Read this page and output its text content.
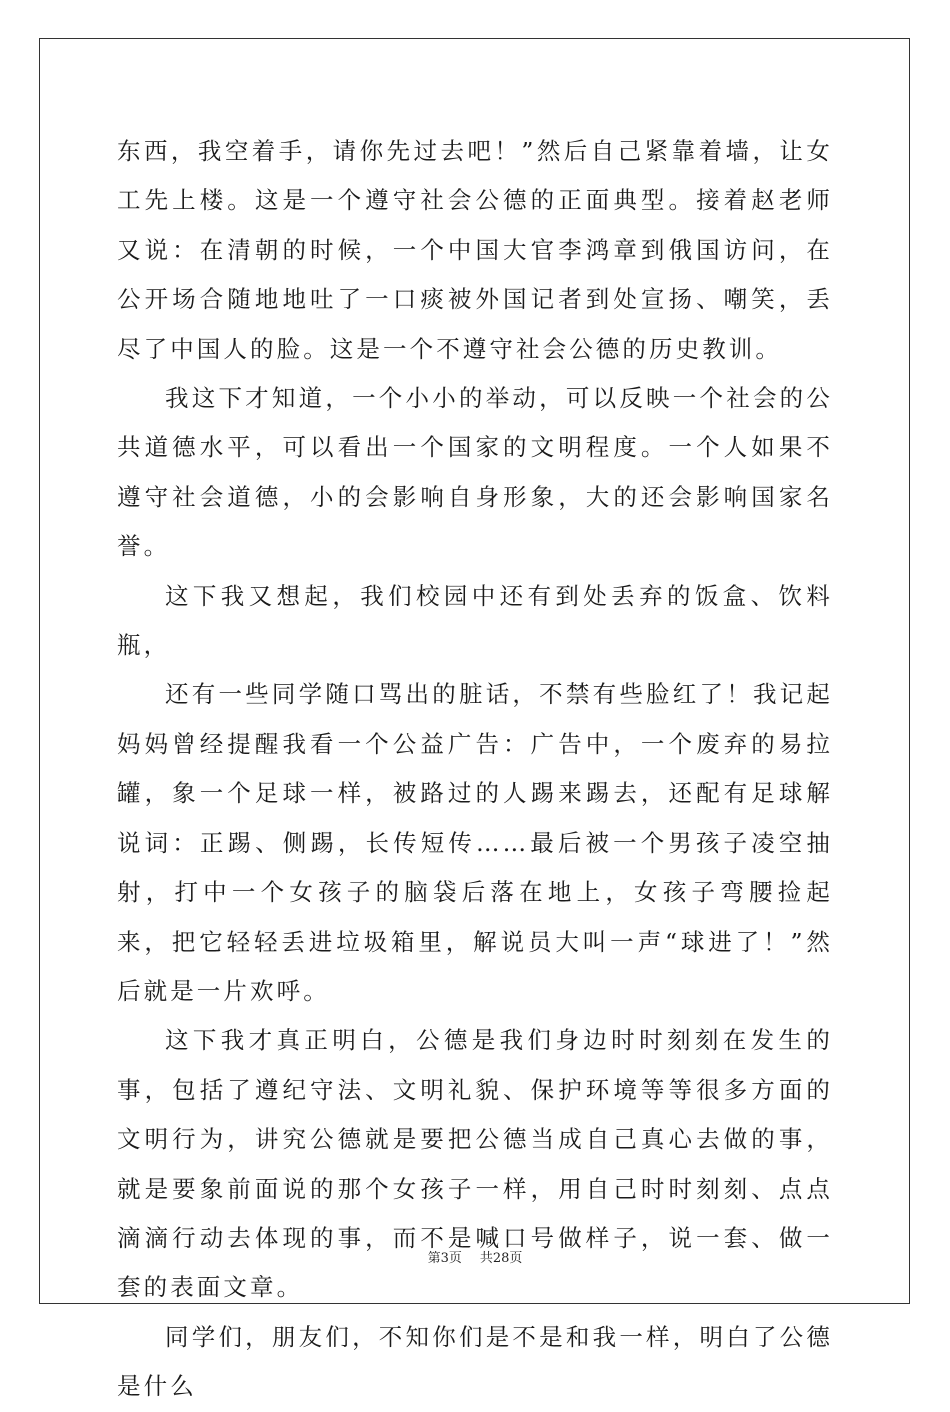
东西，我空着手，请你先过去吧！”然后自己紧靠着墙，让女工先上楼。这是一个遵守社会公德的正面典型。接着赵老师又说：在清朝的时候，一个中国大官李鸿章到俄国访问，在公开场合随地地吐了一口痰被外国记者到处宣扬、嘲笑，丢尽了中国人的脸。这是一个不遵守社会公德的历史教训。

我这下才知道，一个小小的举动，可以反映一个社会的公共道德水平，可以看出一个国家的文明程度。一个人如果不遵守社会道德，小的会影响自身形象，大的还会影响国家名誉。

这下我又想起，我们校园中还有到处丢弃的饭盒、饮料瓶，

还有一些同学随口骂出的脏话，不禁有些脸红了！我记起妈妈曾经提醒我看一个公益广告：广告中，一个废弃的易拉罐，象一个足球一样，被路过的人踢来踢去，还配有足球解说词：正踢、侧踢，长传短传……最后被一个男孩子凌空抽射，打中一个女孩子的脑袋后落在地上，女孩子弯腰捡起来，把它轻轻丢进垃圾箱里，解说员大叫一声“球进了！”然后就是一片欢呼。

这下我才真正明白，公德是我们身边时时刻刻在发生的事，包括了遵纪守法、文明礼貌、保护环境等等很多方面的文明行为，讲究公德就是要把公德当成自己真心去做的事，就是要象前面说的那个女孩子一样，用自己时时刻刻、点点滴滴行动去体现的事，而不是喊口号做样子，说一套、做一套的表面文章。

同学们，朋友们，不知你们是不是和我一样，明白了公德是什么

第3页 共28页
